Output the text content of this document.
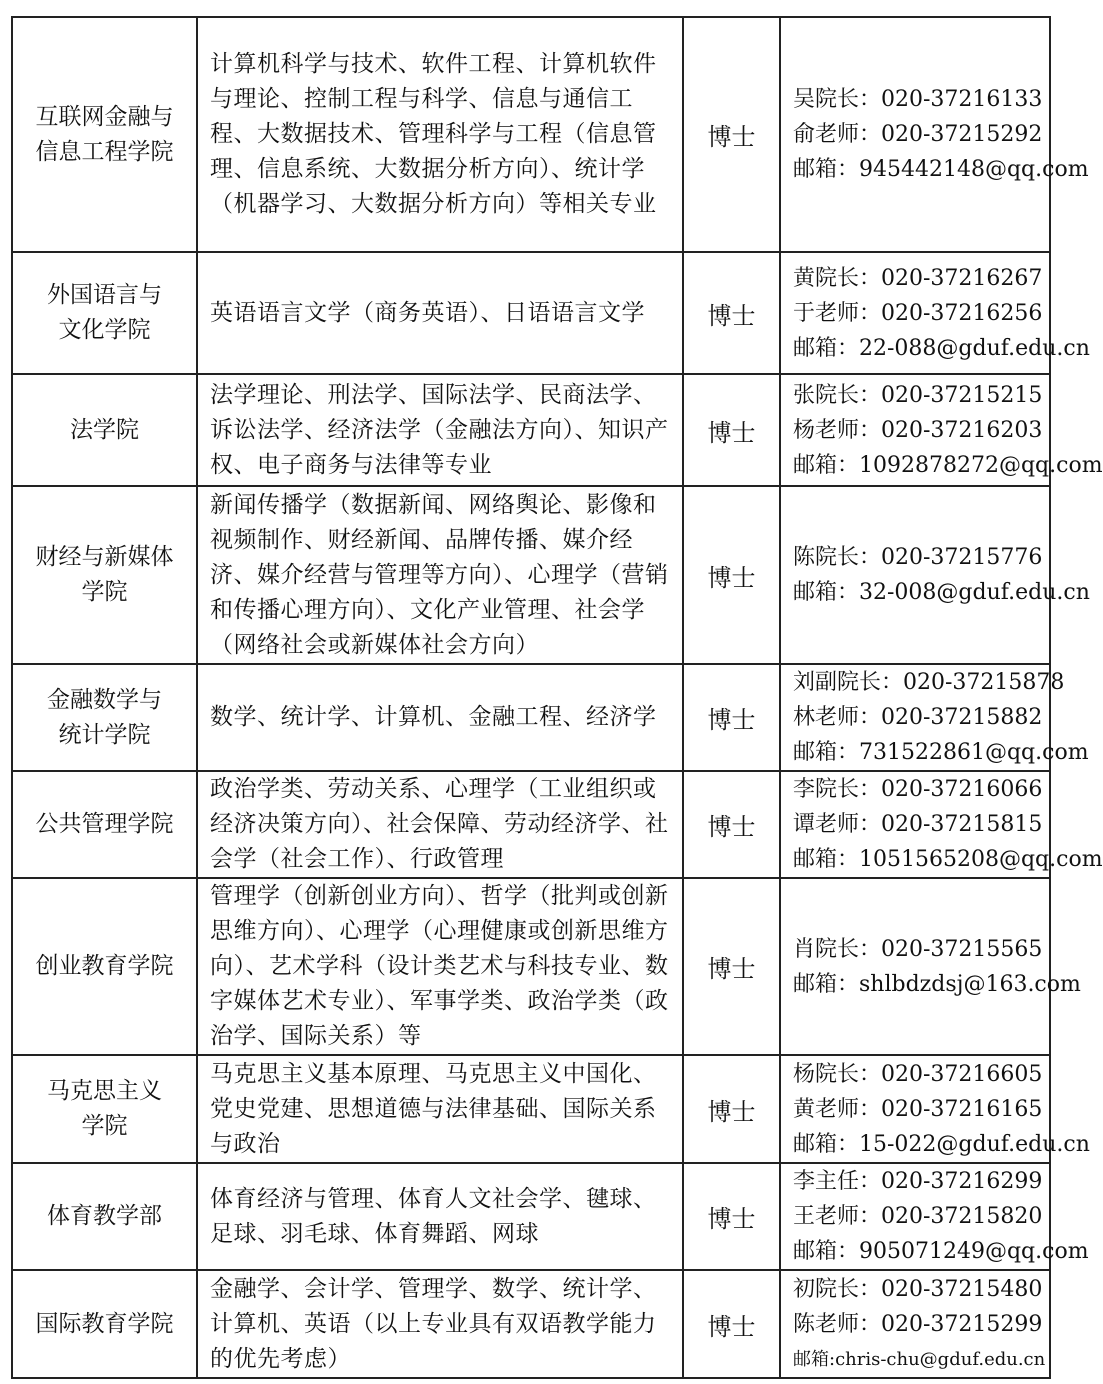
互联网金融与
信息工程学院	计算机科学与技术、软件工程、计算机软件与理论、控制工程与科学、信息与通信工程、大数据技术、管理科学与工程（信息管理、信息系统、大数据分析方向）、统计学（机器学习、大数据分析方向）等相关专业	博士	吴院长：020-37216133
俞老师：020-37215292
邮箱：945442148@qq.com

外国语言与
文化学院	英语语言文学（商务英语）、日语语言文学	博士	黄院长：020-37216267
于老师：020-37216256
邮箱：22-088@gduf.edu.cn

法学院	法学理论、刑法学、国际法学、民商法学、诉讼法学、经济法学（金融法方向）、知识产权、电子商务与法律等专业	博士	张院长：020-37215215
杨老师：020-37216203
邮箱：1092878272@qq.com

财经与新媒体
学院	新闻传播学（数据新闻、网络舆论、影像和视频制作、财经新闻、品牌传播、媒介经济、媒介经营与管理等方向）、心理学（营销和传播心理方向）、文化产业管理、社会学（网络社会或新媒体社会方向）	博士	陈院长：020-37215776
邮箱：32-008@gduf.edu.cn

金融数学与
统计学院	数学、统计学、计算机、金融工程、经济学	博士	刘副院长：020-37215878
林老师：020-37215882
邮箱：731522861@qq.com

公共管理学院	政治学类、劳动关系、心理学（工业组织或经济决策方向）、社会保障、劳动经济学、社会学（社会工作）、行政管理	博士	李院长：020-37216066
谭老师：020-37215815
邮箱：1051565208@qq.com

创业教育学院	管理学（创新创业方向）、哲学（批判或创新思维方向）、心理学（心理健康或创新思维方向）、艺术学科（设计类艺术与科技专业、数字媒体艺术专业）、军事学类、政治学类（政治学、国际关系）等	博士	肖院长：020-37215565
邮箱：shlbdzdsj@163.com

马克思主义
学院	马克思主义基本原理、马克思主义中国化、党史党建、思想道德与法律基础、国际关系与政治	博士	杨院长：020-37216605
黄老师：020-37216165
邮箱：15-022@gduf.edu.cn

体育教学部	体育经济与管理、体育人文社会学、毽球、足球、羽毛球、体育舞蹈、网球	博士	李主任：020-37216299
王老师：020-37215820
邮箱：905071249@qq.com

国际教育学院	金融学、会计学、管理学、数学、统计学、计算机、英语（以上专业具有双语教学能力的优先考虑）	博士	初院长：020-37215480
陈老师：020-37215299
邮箱:chris-chu@gduf.edu.cn
